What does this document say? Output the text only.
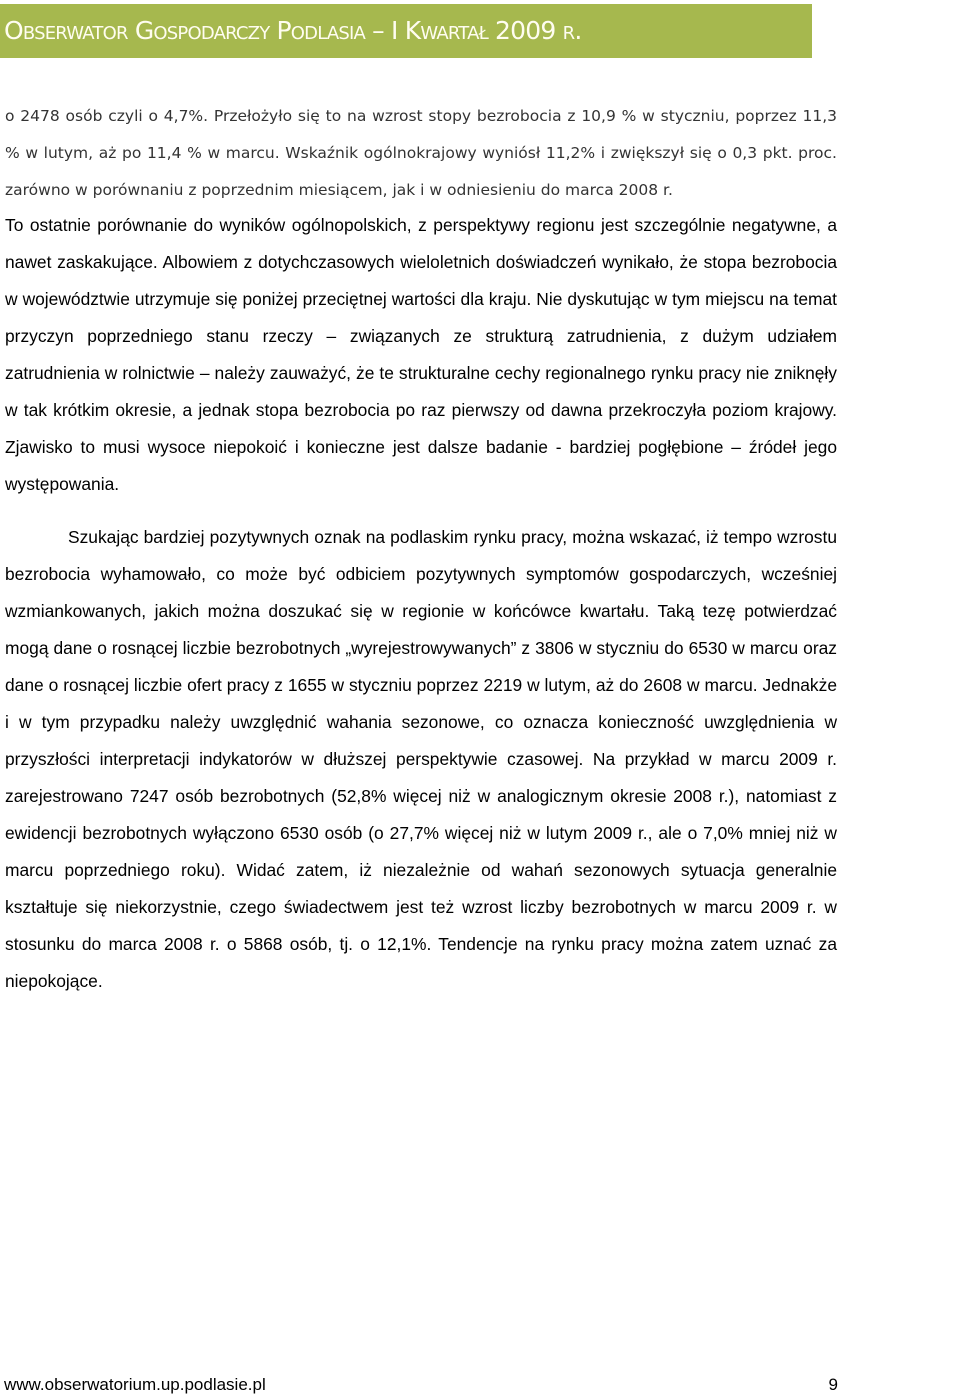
Obserwator Gospodarczy Podlasia – I Kwartał 2009 r.

o 2478 osób czyli o 4,7%. Przełożyło się to na wzrost stopy bezrobocia z 10,9 % w styczniu, poprzez 11,3 % w lutym, aż po 11,4 % w marcu. Wskaźnik ogólnokrajowy wyniósł 11,2% i zwiększył się o 0,3 pkt. proc. zarówno w porównaniu z poprzednim miesiącem, jak i w odniesieniu do marca 2008 r.

To ostatnie porównanie do wyników ogólnopolskich, z perspektywy regionu jest szczególnie negatywne, a nawet zaskakujące. Albowiem z dotychczasowych wieloletnich doświadczeń wynikało, że stopa bezrobocia w województwie utrzymuje się poniżej przeciętnej wartości dla kraju. Nie dyskutując w tym miejscu na temat przyczyn poprzedniego stanu rzeczy – związanych ze strukturą zatrudnienia, z dużym udziałem zatrudnienia w rolnictwie – należy zauważyć, że te strukturalne cechy regionalnego rynku pracy nie zniknęły w tak krótkim okresie, a jednak stopa bezrobocia po raz pierwszy od dawna przekroczyła poziom krajowy. Zjawisko to musi wysoce niepokoić i konieczne jest dalsze badanie - bardziej pogłębione – źródeł jego występowania.

Szukając bardziej pozytywnych oznak na podlaskim rynku pracy, można wskazać, iż tempo wzrostu bezrobocia wyhamowało, co może być odbiciem pozytywnych symptomów gospodarczych, wcześniej wzmiankowanych, jakich można doszukać się w regionie w końcówce kwartału. Taką tezę potwierdzać mogą dane o rosnącej liczbie bezrobotnych „wyrejestrowywanych” z 3806 w styczniu do 6530 w marcu oraz dane o rosnącej liczbie ofert pracy z 1655 w styczniu poprzez 2219 w lutym, aż do 2608 w marcu. Jednakże i w tym przypadku należy uwzględnić wahania sezonowe, co oznacza konieczność uwzględnienia w przyszłości interpretacji indykatorów w dłuższej perspektywie czasowej. Na przykład w marcu 2009 r. zarejestrowano 7247 osób bezrobotnych (52,8% więcej niż w analogicznym okresie 2008 r.), natomiast z ewidencji bezrobotnych wyłączono 6530 osób (o 27,7% więcej niż w lutym 2009 r., ale o 7,0% mniej niż w marcu poprzedniego roku). Widać zatem, iż niezależnie od wahań sezonowych sytuacja generalnie kształtuje się niekorzystnie, czego świadectwem jest też wzrost liczby bezrobotnych w marcu 2009 r. w stosunku do marca 2008 r. o 5868 osób, tj. o 12,1%. Tendencje na rynku pracy można zatem uznać za niepokojące.

www.obserwatorium.up.podlasie.pl	9
